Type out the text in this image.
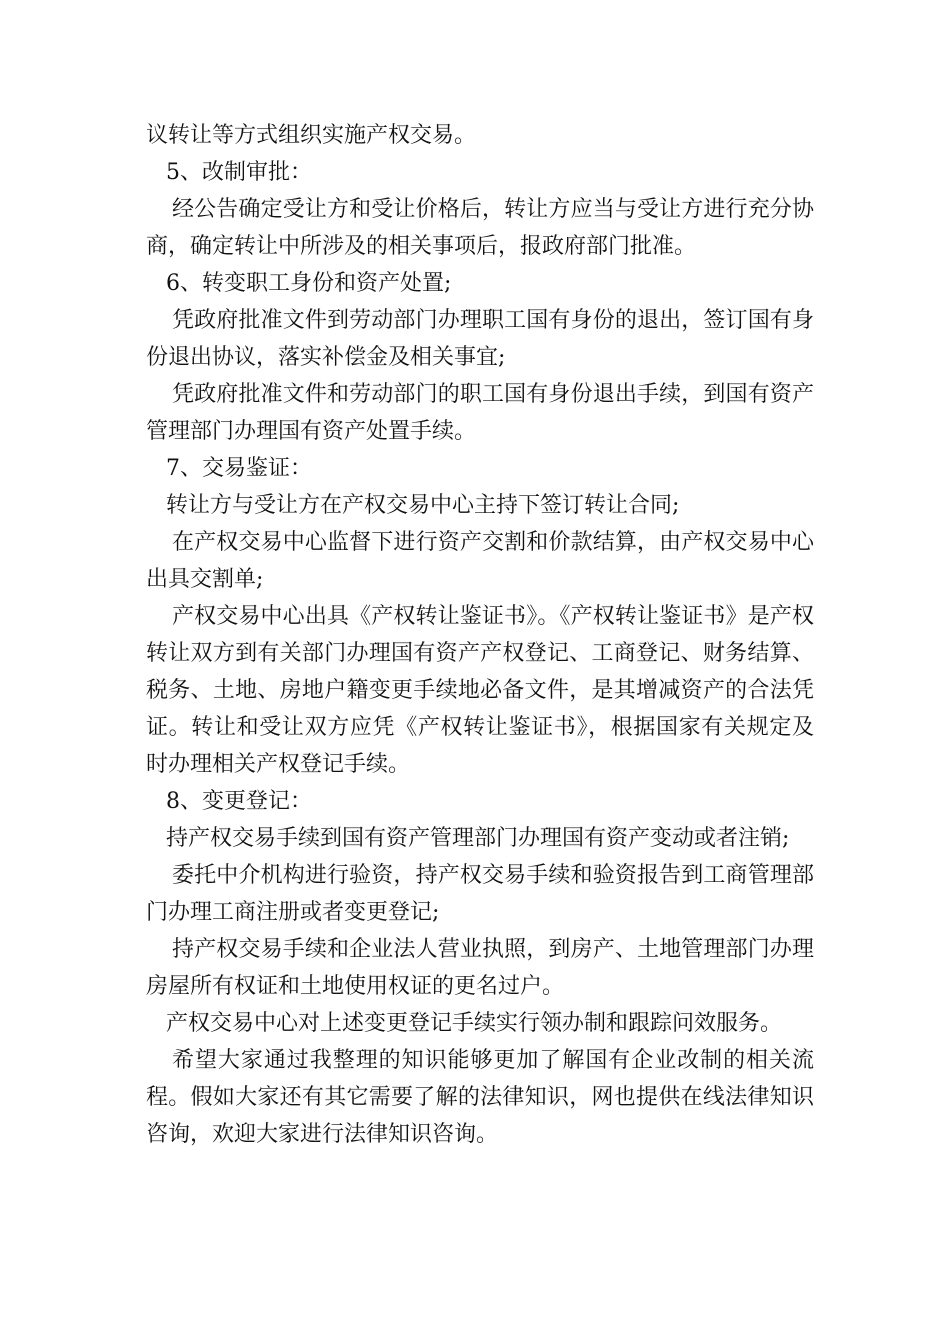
议转让等方式组织实施产权交易。

5、改制审批：

经公告确定受让方和受让价格后，转让方应当与受让方进行充分协商，确定转让中所涉及的相关事项后，报政府部门批准。

6、转变职工身份和资产处置;

凭政府批准文件到劳动部门办理职工国有身份的退出，签订国有身份退出协议，落实补偿金及相关事宜;

凭政府批准文件和劳动部门的职工国有身份退出手续，到国有资产管理部门办理国有资产处置手续。

7、交易鉴证：

转让方与受让方在产权交易中心主持下签订转让合同;

在产权交易中心监督下进行资产交割和价款结算，由产权交易中心出具交割单;

产权交易中心出具《产权转让鉴证书》。《产权转让鉴证书》是产权转让双方到有关部门办理国有资产产权登记、工商登记、财务结算、税务、土地、房地户籍变更手续地必备文件，是其增减资产的合法凭证。转让和受让双方应凭《产权转让鉴证书》，根据国家有关规定及时办理相关产权登记手续。

8、变更登记：

持产权交易手续到国有资产管理部门办理国有资产变动或者注销;

委托中介机构进行验资，持产权交易手续和验资报告到工商管理部门办理工商注册或者变更登记;

持产权交易手续和企业法人营业执照，到房产、土地管理部门办理房屋所有权证和土地使用权证的更名过户。

产权交易中心对上述变更登记手续实行领办制和跟踪问效服务。

希望大家通过我整理的知识能够更加了解国有企业改制的相关流程。假如大家还有其它需要了解的法律知识，网也提供在线法律知识咨询，欢迎大家进行法律知识咨询。
